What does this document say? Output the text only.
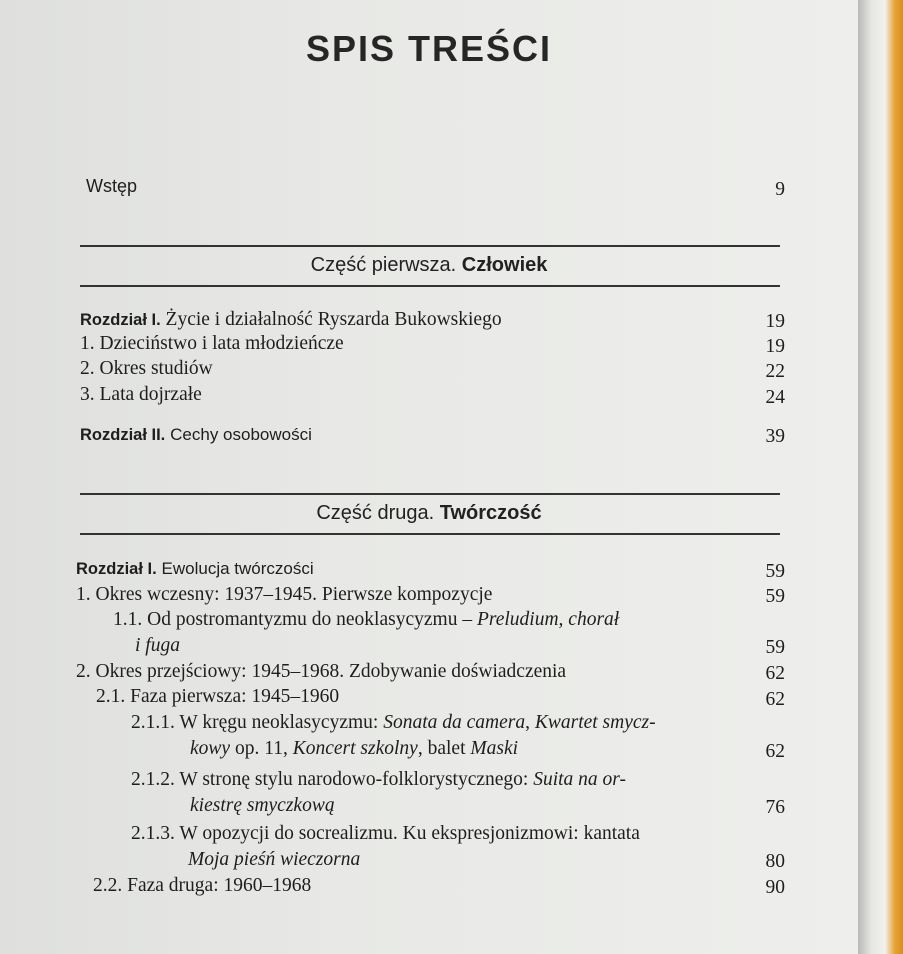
SPIS TREŚCI
Wstęp	9
Część pierwsza. Człowiek
Rozdział I. Życie i działalność Ryszarda Bukowskiego	19
1. Dzieciństwo i lata młodzieńcze	19
2. Okres studiów	22
3. Lata dojrzałe	24
Rozdział II. Cechy osobowości	39
Część druga. Twórczość
Rozdział I. Ewolucja twórczości	59
1. Okres wczesny: 1937–1945. Pierwsze kompozycje	59
1.1. Od postromantyzmu do neoklasycyzmu – Preludium, chorał
i fuga	59
2. Okres przejściowy: 1945–1968. Zdobywanie doświadczenia	62
2.1. Faza pierwsza: 1945–1960	62
2.1.1. W kręgu neoklasycyzmu: Sonata da camera, Kwartet smycz-
kowy op. 11, Koncert szkolny, balet Maski	62
2.1.2. W stronę stylu narodowo-folklorystycznego: Suita na or-
kiestrę smyczkową	76
2.1.3. W opozycji do socrealizmu. Ku ekspresjonizmowi: kantata
Moja pieśń wieczorna	80
2.2. Faza druga: 1960–1968	90
